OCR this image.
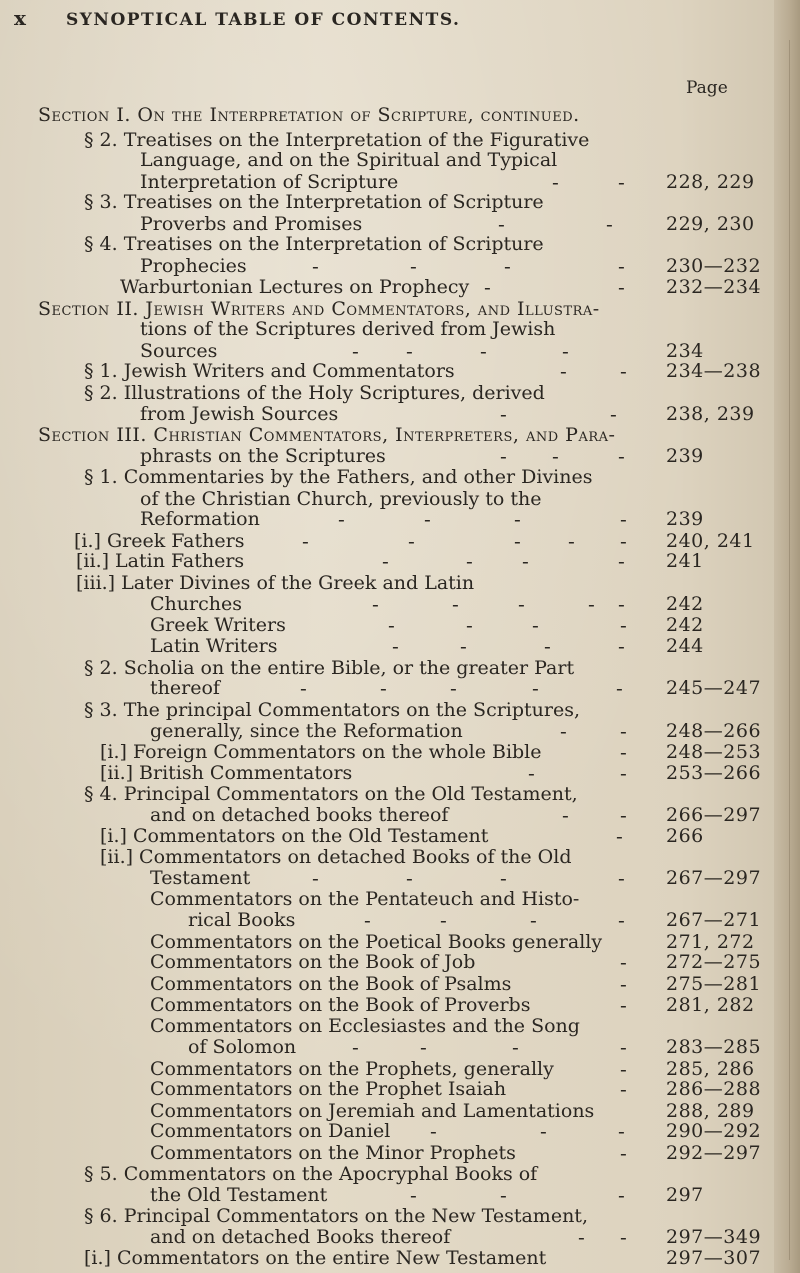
x SYNOPTICAL TABLE OF CONTENTS.
Page
Section I. On the Interpretation of Scripture, continued.
§ 2. Treatises on the Interpretation of the Figurative
Language, and on the Spiritual and Typical
Interpretation of Scripture	-	- 228, 229
§ 3. Treatises on the Interpretation of Scripture
Proverbs and Promises	-	-	229, 230
§ 4. Treatises on the Interpretation of Scripture
Prophecies	-	-	-	- 230—232
Warburtonian Lectures on Prophecy -	- 232—234
Section II. Jewish Writers and Commentators, and Illustra-
tions of the Scriptures derived from Jewish
Sources	- -	-	-	234
§ 1. Jewish Writers and Commentators	-	- 234—238
§ 2. Illustrations of the Holy Scriptures, derived
from Jewish Sources	-	-	238, 239
Section III. Christian Commentators, Interpreters, and Para-
phrasts on the Scriptures	- -	- 239
§ 1. Commentaries by the Fathers, and other Divines
of the Christian Church, previously to the
Reformation	-	-	-	- 239
[i.] Greek Fathers	-	-	- - - 240, 241
[ii.] Latin Fathers	-	- -	- 241
[iii.] Later Divines of the Greek and Latin
Churches	-	-	-	- - 242
Greek Writers	-	-	-	- 242
Latin Writers	-	-	-	- 244
§ 2. Scholia on the entire Bible, or the greater Part
thereof	-	-	-	-	- 245—247
§ 3. The principal Commentators on the Scriptures,
generally, since the Reformation	-	- 248—266
[i.] Foreign Commentators on the whole Bible	- 248—253
[ii.] British Commentators	-	- 253—266
§ 4. Principal Commentators on the Old Testament,
and on detached books thereof	-	- 266—297
[i.] Commentators on the Old Testament	- 266
[ii.] Commentators on detached Books of the Old
Testament	-	-	-	- 267—297
Commentators on the Pentateuch and Histo-
rical Books	-	-	-	- 267—271
Commentators on the Poetical Books generally	271, 272
Commentators on the Book of Job	- 272—275
Commentators on the Book of Psalms	- 275—281
Commentators on the Book of Proverbs	- 281, 282
Commentators on Ecclesiastes and the Song
of Solomon	-	-	-	- 283—285
Commentators on the Prophets, generally	- 285, 286
Commentators on the Prophet Isaiah	- 286—288
Commentators on Jeremiah and Lamentations	288, 289
Commentators on Daniel -	-	- 290—292
Commentators on the Minor Prophets	- 292—297
§ 5. Commentators on the Apocryphal Books of
the Old Testament	-	-	- 297
§ 6. Principal Commentators on the New Testament,
and on detached Books thereof	- - 297—349
[i.] Commentators on the entire New Testament	297—307
